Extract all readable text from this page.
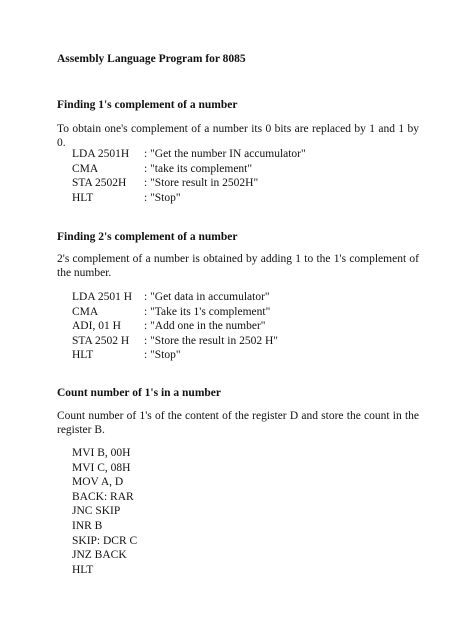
Assembly Language Program for 8085
Finding 1's complement of a number
To obtain one's complement of a number its 0 bits are replaced by 1 and 1 by 0.
LDA 2501H : "Get the number IN accumulator"
CMA	: "take its complement"
STA 2502H : "Store result in 2502H"
HLT	: "Stop"
Finding 2's complement of a number
2's complement of a number is obtained by adding 1 to the 1's complement of the number.
LDA 2501 H : "Get data in accumulator"
CMA	: "Take its 1's complement"
ADI, 01 H : "Add one in the number"
STA 2502 H : "Store the result in 2502 H"
HLT	: "Stop"
Count number of 1's in a number
Count number of 1's of the content of the register D and store the count in the register B.
MVI B, 00H
MVI C, 08H
MOV A, D
BACK: RAR
JNC SKIP
INR B
SKIP: DCR C
JNZ BACK
HLT
